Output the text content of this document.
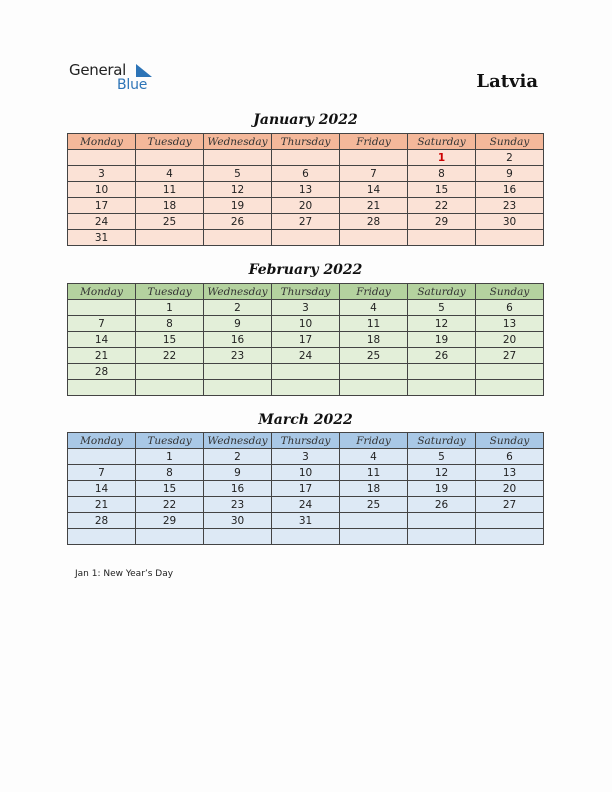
General
Blue	Latvia
January 2022
Monday	Tuesday	Wednesday	Thursday	Friday	Saturday	Sunday
					1	2
3	4	5	6	7	8	9
10	11	12	13	14	15	16
17	18	19	20	21	22	23
24	25	26	27	28	29	30
31						
February 2022
Monday	Tuesday	Wednesday	Thursday	Friday	Saturday	Sunday
	1	2	3	4	5	6
7	8	9	10	11	12	13
14	15	16	17	18	19	20
21	22	23	24	25	26	27
28						

March 2022
Monday	Tuesday	Wednesday	Thursday	Friday	Saturday	Sunday
	1	2	3	4	5	6
7	8	9	10	11	12	13
14	15	16	17	18	19	20
21	22	23	24	25	26	27
28	29	30	31			

Jan 1: New Year’s Day
